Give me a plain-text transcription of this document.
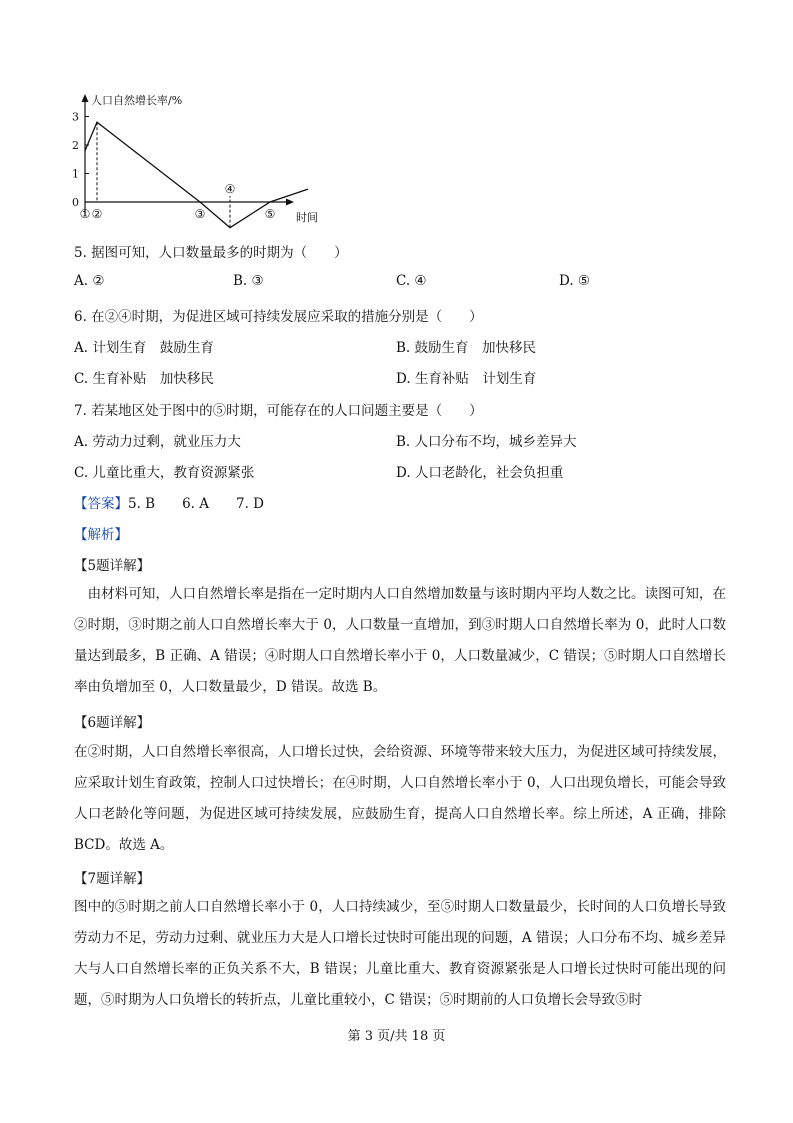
0
1
2
3
人口自然增长率/%
时间
① ②	③
④
⑤
5. 据图可知，人口数量最多的时期为（　　）
A. ②	B. ③	C. ④	D. ⑤
6. 在②④时期，为促进区域可持续发展应采取的措施分别是（　　）
A. 计划生育　鼓励生育	B. 鼓励生育　加快移民
C. 生育补贴　加快移民	D. 生育补贴　计划生育
7. 若某地区处于图中的⑤时期，可能存在的人口问题主要是（　　）
A. 劳动力过剩，就业压力大	B. 人口分布不均，城乡差异大
C. 儿童比重大，教育资源紧张	D. 人口老龄化，社会负担重
【答案】5. B　　6. A　　7. D
【解析】
【5题详解】

　由材料可知，人口自然增长率是指在一定时期内人口自然增加数量与该时期内平均人数之比。读图可知，在②时期，③时期之前人口自然增长率大于 0，人口数量一直增加，到③时期人口自然增长率为 0，此时人口数量达到最多，B 正确、A 错误；④时期人口自然增长率小于 0，人口数量减少，C 错误；⑤时期人口自然增长率由负增加至 0，人口数量最少，D 错误。故选 B。

【6题详解】

在②时期，人口自然增长率很高，人口增长过快，会给资源、环境等带来较大压力，为促进区域可持续发展，应采取计划生育政策，控制人口过快增长；在④时期，人口自然增长率小于 0，人口出现负增长，可能会导致人口老龄化等问题，为促进区域可持续发展，应鼓励生育，提高人口自然增长率。综上所述，A 正确，排除 BCD。故选 A。

【7题详解】

图中的⑤时期之前人口自然增长率小于 0，人口持续减少，至⑤时期人口数量最少，长时间的人口负增长导致劳动力不足，劳动力过剩、就业压力大是人口增长过快时可能出现的问题，A 错误；人口分布不均、城乡差异大与人口自然增长率的正负关系不大，B 错误；儿童比重大、教育资源紧张是人口增长过快时可能出现的问题，⑤时期为人口负增长的转折点，儿童比重较小，C 错误；⑤时期前的人口负增长会导致⑤时

第 3 页/共 18 页
